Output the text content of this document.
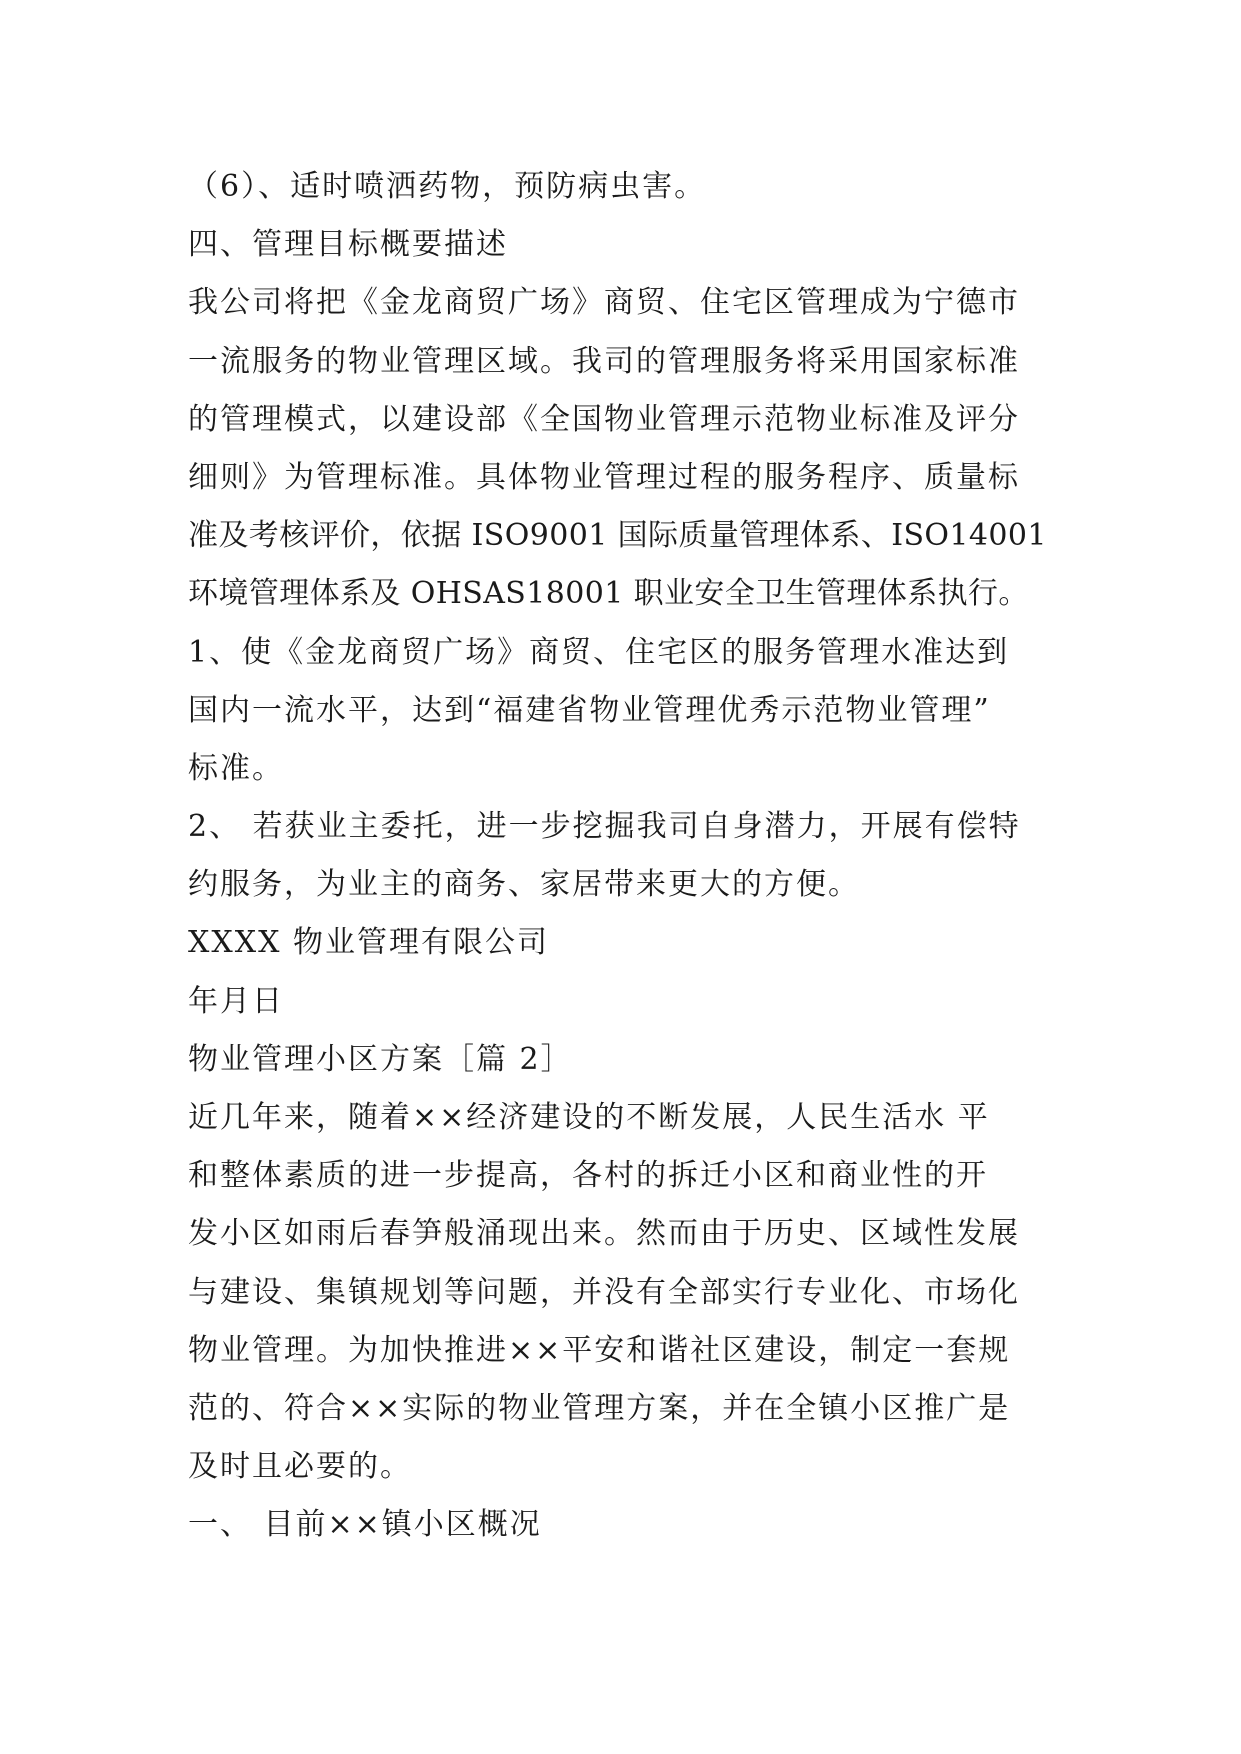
（6）、适时喷洒药物，预防病虫害。
四、管理目标概要描述
我公司将把《金龙商贸广场》商贸、住宅区管理成为宁德市
一流服务的物业管理区域。我司的管理服务将采用国家标准
的管理模式，以建设部《全国物业管理示范物业标准及评分
细则》为管理标准。具体物业管理过程的服务程序、质量标
准及考核评价，依据 ISO9001 国际质量管理体系、ISO14001
环境管理体系及 OHSAS18001 职业安全卫生管理体系执行。
1、使《金龙商贸广场》商贸、住宅区的服务管理水准达到
国内一流水平，达到“福建省物业管理优秀示范物业管理”
标准。
2、 若获业主委托，进一步挖掘我司自身潜力，开展有偿特
约服务，为业主的商务、家居带来更大的方便。
XXXX 物业管理有限公司
年月日
物业管理小区方案［篇 2］
近几年来，随着××经济建设的不断发展，人民生活水 平
和整体素质的进一步提高，各村的拆迁小区和商业性的开
发小区如雨后春笋般涌现出来。然而由于历史、区域性发展
与建设、集镇规划等问题，并没有全部实行专业化、市场化
物业管理。为加快推进××平安和谐社区建设，制定一套规
范的、符合××实际的物业管理方案，并在全镇小区推广是
及时且必要的。
一、 目前××镇小区概况
